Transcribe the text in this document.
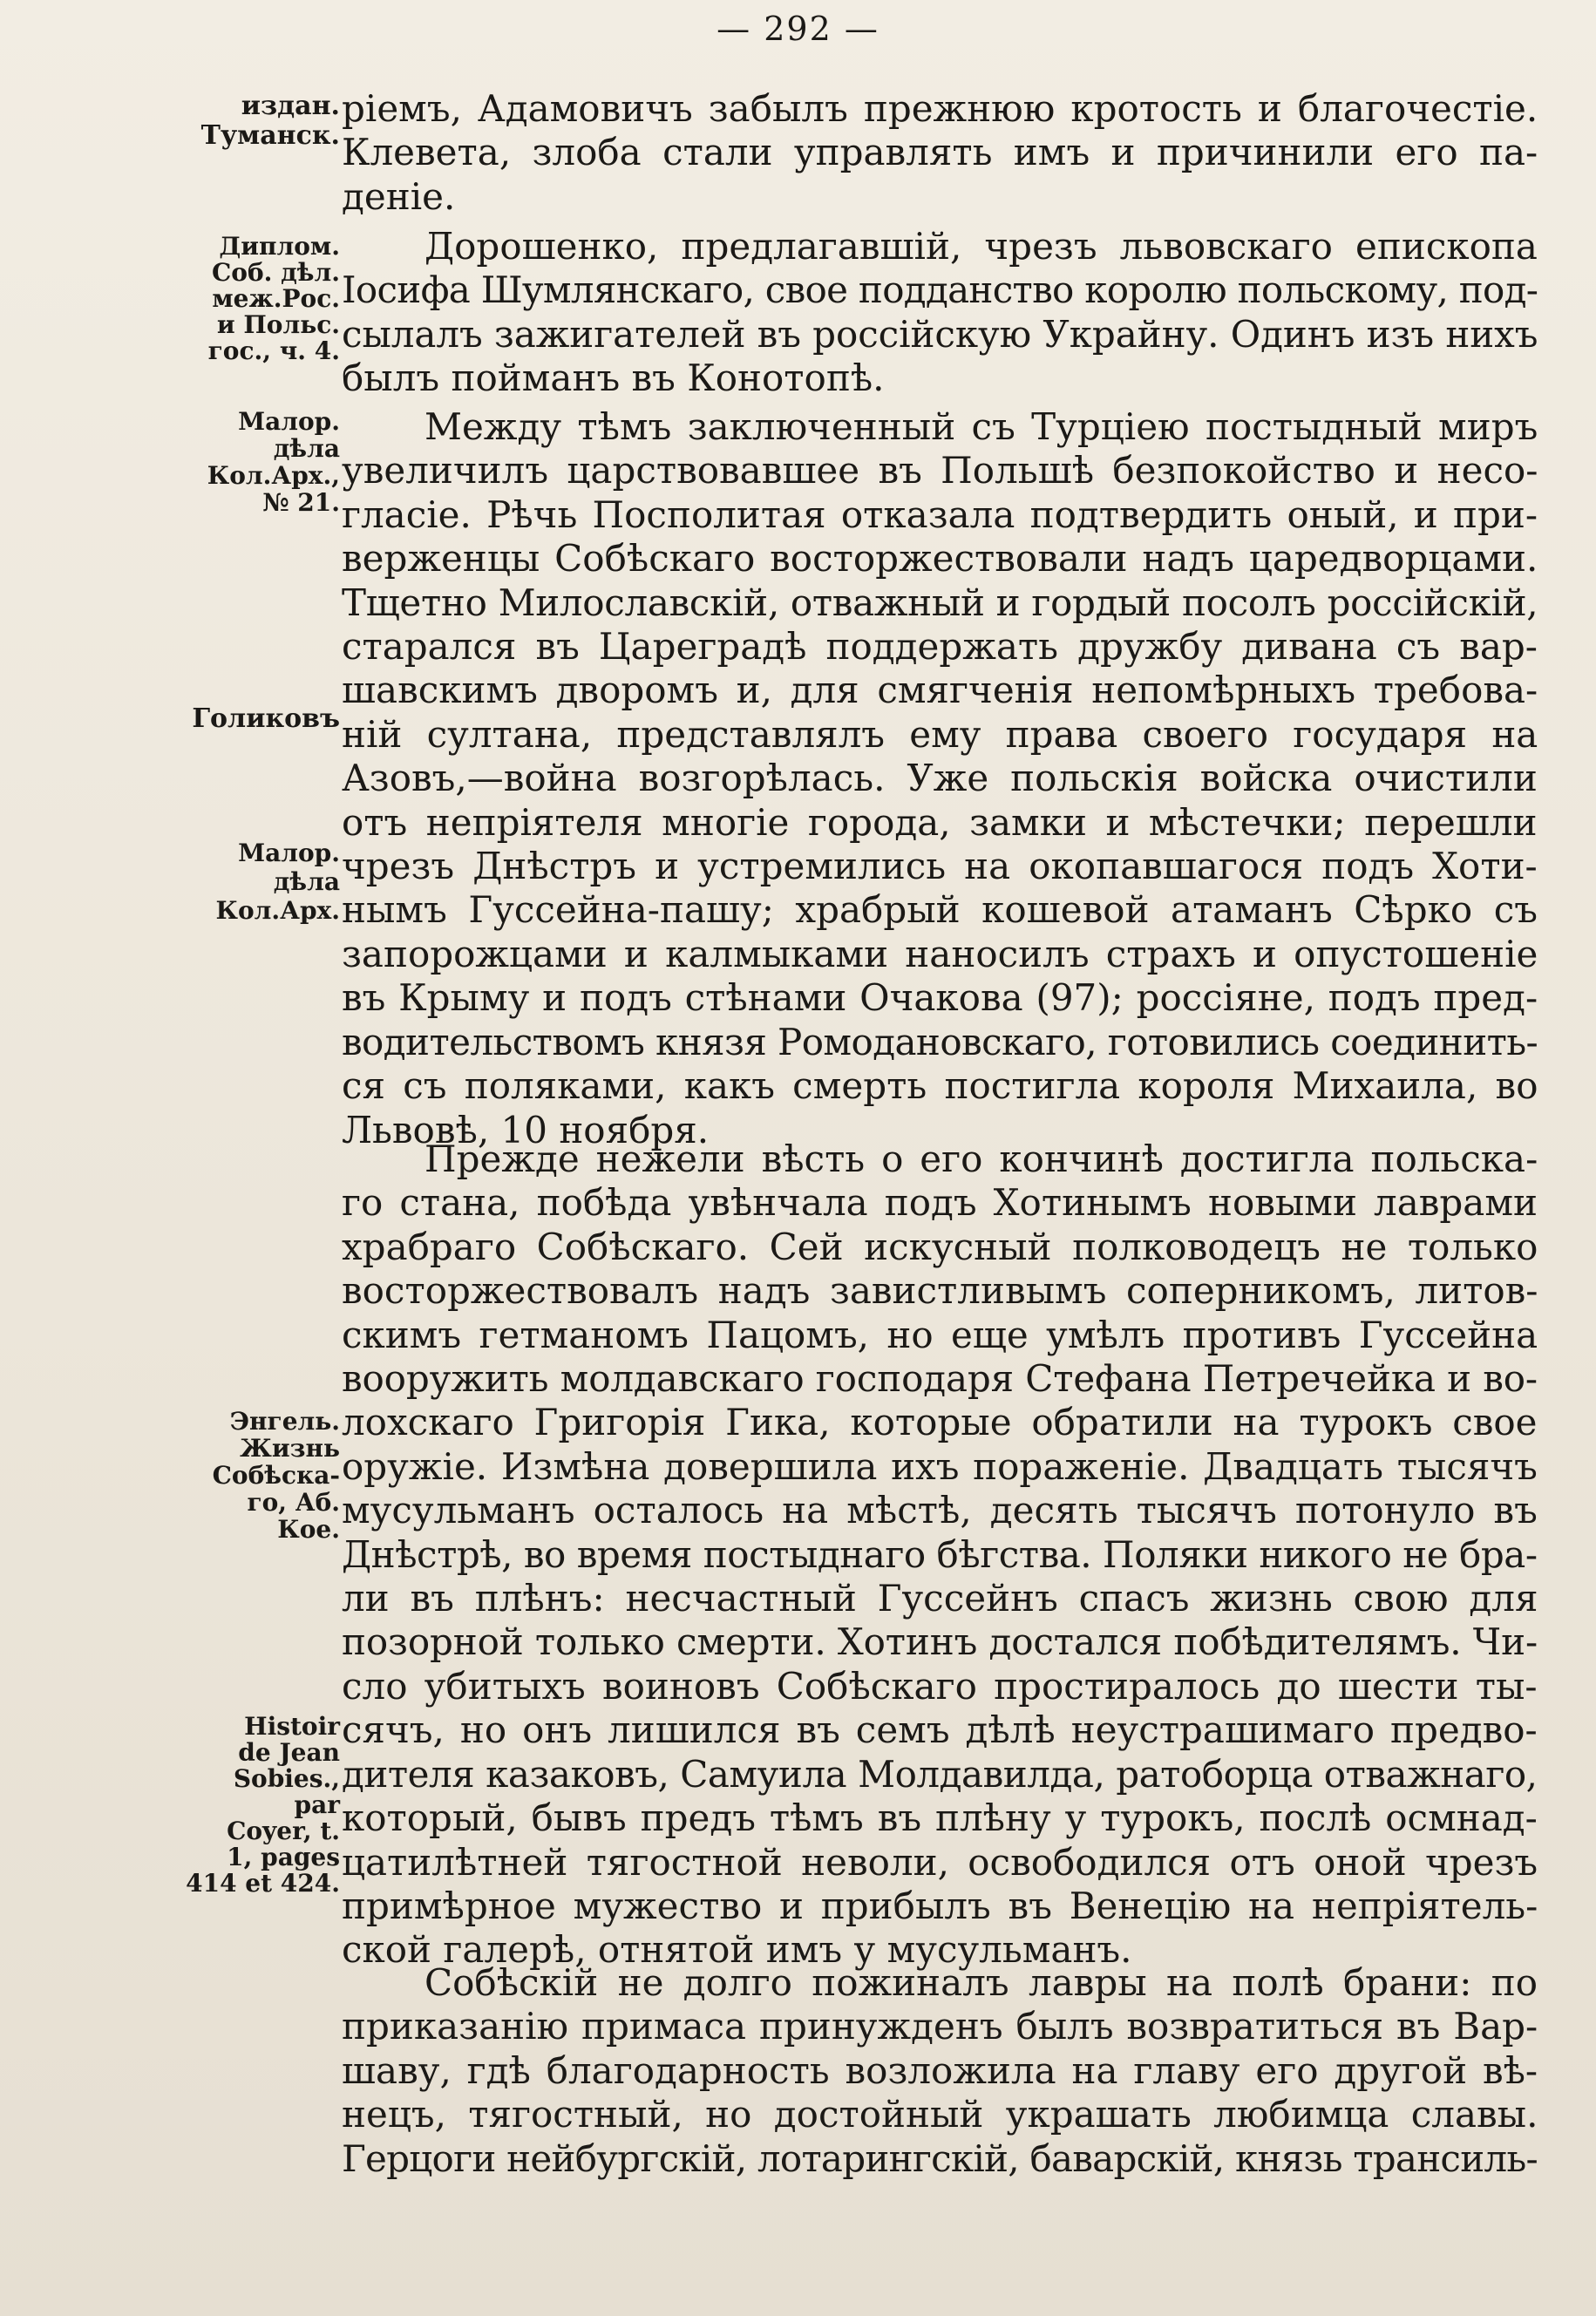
— 292 —
издан.
Туманск.
Диплом.
Соб. дѣл.
меж.Рос.
и Польс.
гос., ч. 4.
Малор.
дѣла
Кол.Арх.,
№ 21.
Голиковъ
Малор.
дѣла
Кол.Арх.
Энгель.
Жизнь
Собѣска-
го, Аб.
Кое.
Histoir
de Jean
Sobies.,
par
Coyer, t.
1, pages
414 et 424.
ріемъ, Адамовичъ забылъ прежнюю кротость и благочестіе.
Клевета, злоба стали управлять имъ и причинили его па-
деніе.
Дорошенко, предлагавшій, чрезъ львовскаго епископа
Іосифа Шумлянскаго, свое подданство королю польскому, под-
сылалъ зажигателей въ россійскую Украйну. Одинъ изъ нихъ
былъ пойманъ въ Конотопѣ.
Между тѣмъ заключенный съ Турціею постыдный миръ
увеличилъ царствовавшее въ Польшѣ безпокойство и несо-
гласіе. Рѣчь Посполитая отказала подтвердить оный, и при-
верженцы Собѣскаго восторжествовали надъ царедворцами.
Тщетно Милославскій, отважный и гордый посолъ россійскій,
старался въ Цареградѣ поддержать дружбу дивана съ вар-
шавскимъ дворомъ и, для смягченія непомѣрныхъ требова-
ній султана, представлялъ ему права своего государя на
Азовъ,—война возгорѣлась. Уже польскія войска очистили
отъ непріятеля многіе города, замки и мѣстечки; перешли
чрезъ Днѣстръ и устремились на окопавшагося подъ Хоти-
нымъ Гуссейна-пашу; храбрый кошевой атаманъ Сѣрко съ
запорожцами и калмыками наносилъ страхъ и опустошеніе
въ Крыму и подъ стѣнами Очакова (97); россіяне, подъ пред-
водительствомъ князя Ромодановскаго, готовились соединить-
ся съ поляками, какъ смерть постигла короля Михаила, во
Львовѣ, 10 ноября.
Прежде нежели вѣсть о его кончинѣ достигла польска-
го стана, побѣда увѣнчала подъ Хотинымъ новыми лаврами
храбраго Собѣскаго. Сей искусный полководецъ не только
восторжествовалъ надъ завистливымъ соперникомъ, литов-
скимъ гетманомъ Пацомъ, но еще умѣлъ противъ Гуссейна
вооружить молдавскаго господаря Стефана Петречейка и во-
лохскаго Григорія Гика, которые обратили на турокъ свое
оружіе. Измѣна довершила ихъ пораженіе. Двадцать тысячъ
мусульманъ осталось на мѣстѣ, десять тысячъ потонуло въ
Днѣстрѣ, во время постыднаго бѣгства. Поляки никого не бра-
ли въ плѣнъ: несчастный Гуссейнъ спасъ жизнь свою для
позорной только смерти. Хотинъ достался побѣдителямъ. Чи-
сло убитыхъ воиновъ Собѣскаго простиралось до шести ты-
сячъ, но онъ лишился въ семъ дѣлѣ неустрашимаго предво-
дителя казаковъ, Самуила Молдавилда, ратоборца отважнаго,
который, бывъ предъ тѣмъ въ плѣну у турокъ, послѣ осмнад-
цатилѣтней тягостной неволи, освободился отъ оной чрезъ
примѣрное мужество и прибылъ въ Венецію на непріятель-
ской галерѣ, отнятой имъ у мусульманъ.
Собѣскій не долго пожиналъ лавры на полѣ брани: по
приказанію примаса принужденъ былъ возвратиться въ Вар-
шаву, гдѣ благодарность возложила на главу его другой вѣ-
нецъ, тягостный, но достойный украшать любимца славы.
Герцоги нейбургскій, лотарингскій, баварскій, князь трансиль-
